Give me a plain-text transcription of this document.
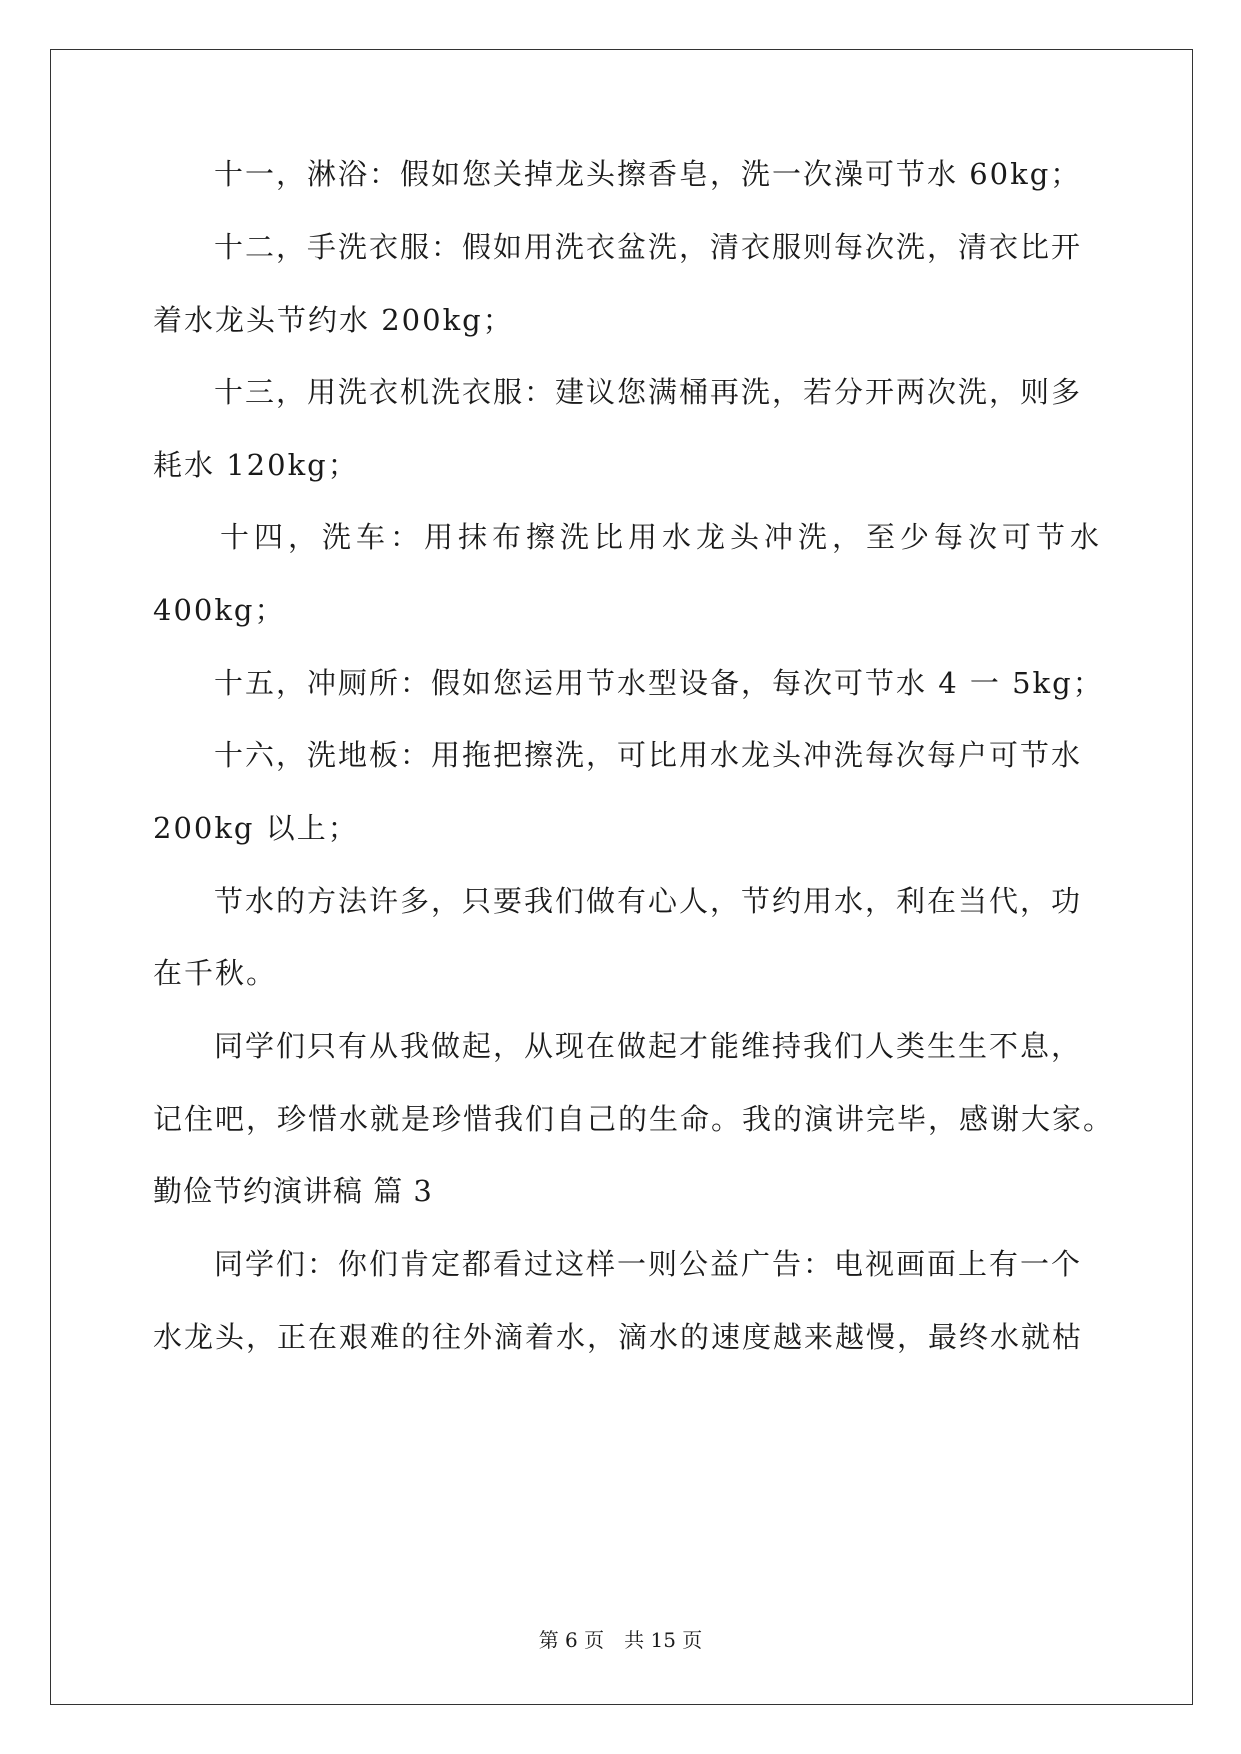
十一，淋浴：假如您关掉龙头擦香皂，洗一次澡可节水 60kg；
十二，手洗衣服：假如用洗衣盆洗，清衣服则每次洗，清衣比开
着水龙头节约水 200kg；
十三，用洗衣机洗衣服：建议您满桶再洗，若分开两次洗，则多
耗水 120kg；
十四，洗车：用抹布擦洗比用水龙头冲洗，至少每次可节水
400kg；
十五，冲厕所：假如您运用节水型设备，每次可节水 4 一 5kg；
十六，洗地板：用拖把擦洗，可比用水龙头冲洗每次每户可节水
200kg 以上；
节水的方法许多，只要我们做有心人，节约用水，利在当代，功
在千秋。
同学们只有从我做起，从现在做起才能维持我们人类生生不息，
记住吧，珍惜水就是珍惜我们自己的生命。我的演讲完毕，感谢大家。
勤俭节约演讲稿 篇 3
同学们：你们肯定都看过这样一则公益广告：电视画面上有一个
水龙头，正在艰难的往外滴着水，滴水的速度越来越慢，最终水就枯
第 6 页　共 15 页
